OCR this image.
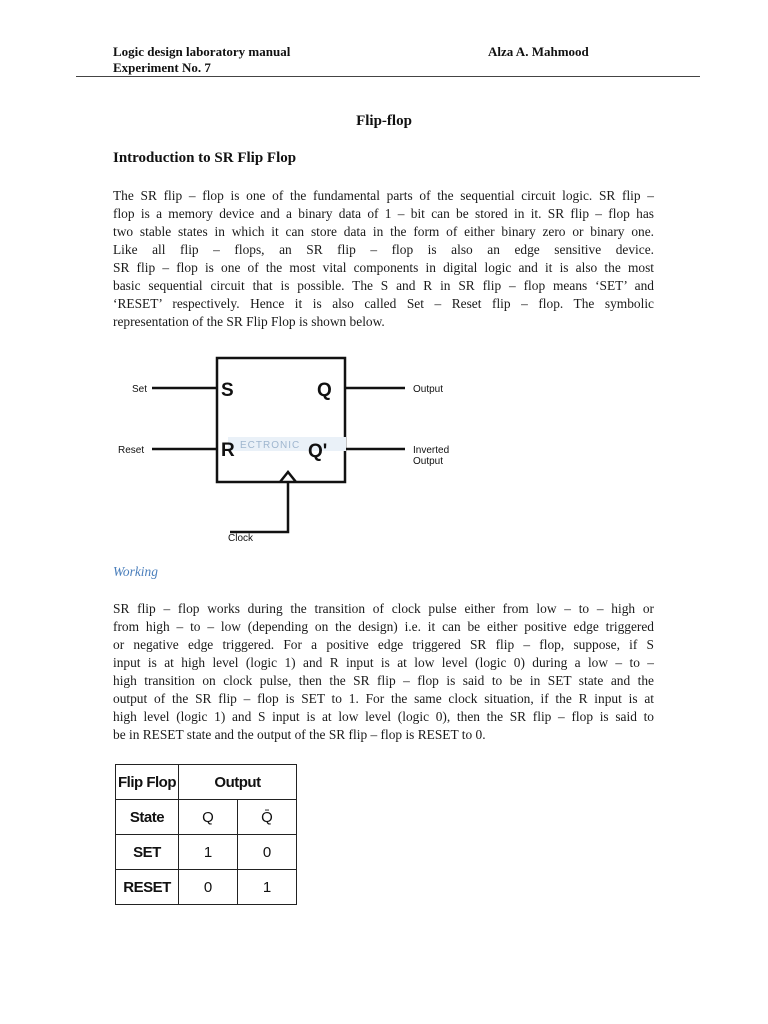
Logic design laboratory manual
Experiment No. 7
Alza A. Mahmood
Flip-flop
Introduction to SR Flip Flop
The SR flip – flop is one of the fundamental parts of the sequential circuit logic. SR flip –
flop is a memory device and a binary data of 1 – bit can be stored in it. SR flip – flop has
two stable states in which it can store data in the form of either binary zero or binary one.
Like all flip – flops, an SR flip – flop is also an edge sensitive device.
SR flip – flop is one of the most vital components in digital logic and it is also the most
basic sequential circuit that is possible. The S and R in SR flip – flop means ‘SET’ and
‘RESET’ respectively. Hence it is also called Set – Reset flip – flop. The symbolic
representation of the SR Flip Flop is shown below.
ECTRONIC
S
R
Q
Q'
Set
Reset
Output
Inverted
Output
Clock
Working
SR flip – flop works during the transition of clock pulse either from low – to – high or
from high – to – low (depending on the design) i.e. it can be either positive edge triggered
or negative edge triggered. For a positive edge triggered SR flip – flop, suppose, if S
input is at high level (logic 1) and R input is at low level (logic 0) during a low – to –
high transition on clock pulse, then the SR flip – flop is said to be in SET state and the
output of the SR flip – flop is SET to 1. For the same clock situation, if the R input is at
high level (logic 1) and S input is at low level (logic 0), then the SR flip – flop is said to
be in RESET state and the output of the SR flip – flop is RESET to 0.
Flip Flop	Output	
State	Q	Q̄
SET	1	0
RESET	0	1
